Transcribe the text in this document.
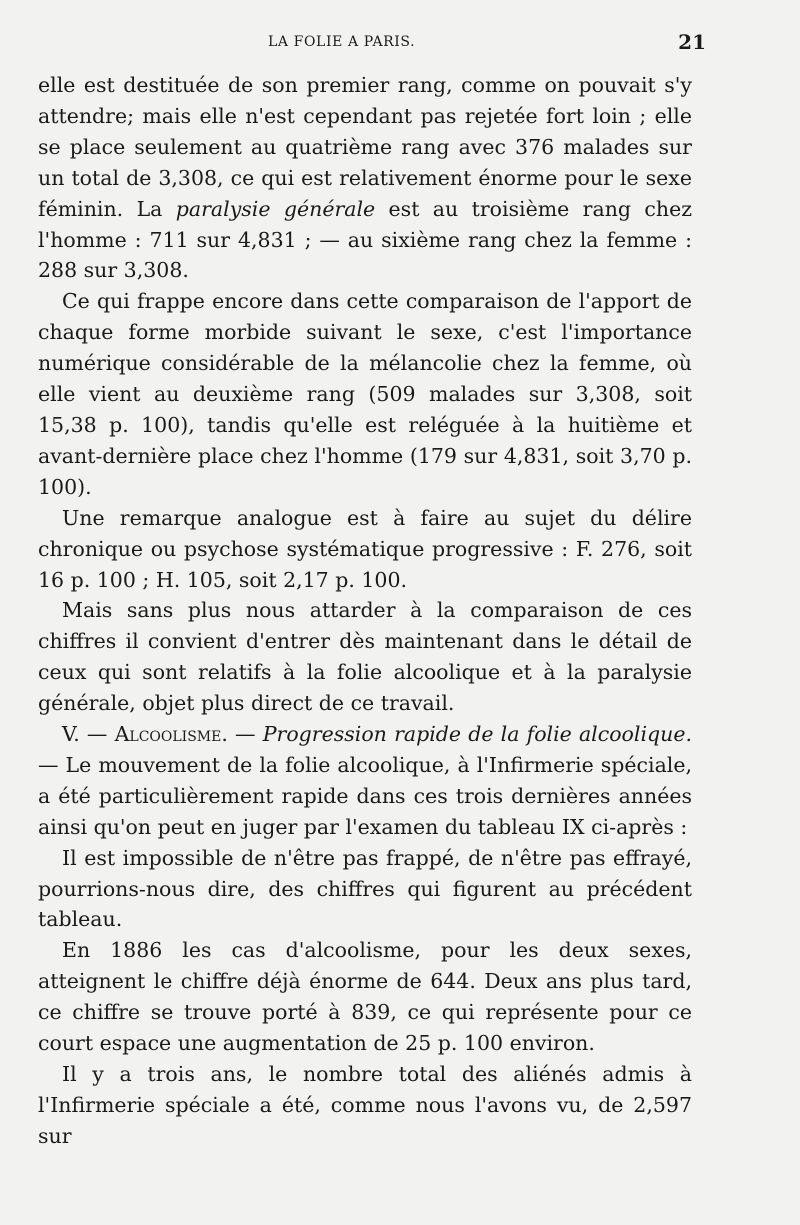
LA FOLIE A PARIS.	21

elle est destituée de son premier rang, comme on pouvait s'y attendre; mais elle n'est cependant pas rejetée fort loin ; elle se place seulement au quatrième rang avec 376 malades sur un total de 3,308, ce qui est relativement énorme pour le sexe féminin. La paralysie générale est au troisième rang chez l'homme : 711 sur 4,831 ; — au sixième rang chez la femme : 288 sur 3,308.

Ce qui frappe encore dans cette comparaison de l'apport de chaque forme morbide suivant le sexe, c'est l'importance numérique considérable de la mélancolie chez la femme, où elle vient au deuxième rang (509 malades sur 3,308, soit 15,38 p. 100), tandis qu'elle est reléguée à la huitième et avant-dernière place chez l'homme (179 sur 4,831, soit 3,70 p. 100).

Une remarque analogue est à faire au sujet du délire chronique ou psychose systématique progressive : F. 276, soit 16 p. 100 ; H. 105, soit 2,17 p. 100.

Mais sans plus nous attarder à la comparaison de ces chiffres il convient d'entrer dès maintenant dans le détail de ceux qui sont relatifs à la folie alcoolique et à la paralysie générale, objet plus direct de ce travail.

V. — Alcoolisme. — Progression rapide de la folie alcoolique. — Le mouvement de la folie alcoolique, à l'Infirmerie spéciale, a été particulièrement rapide dans ces trois dernières années ainsi qu'on peut en juger par l'examen du tableau IX ci-après :

Il est impossible de n'être pas frappé, de n'être pas effrayé, pourrions-nous dire, des chiffres qui figurent au précédent tableau.

En 1886 les cas d'alcoolisme, pour les deux sexes, atteignent le chiffre déjà énorme de 644. Deux ans plus tard, ce chiffre se trouve porté à 839, ce qui représente pour ce court espace une augmentation de 25 p. 100 environ.

Il y a trois ans, le nombre total des aliénés admis à l'Infirmerie spéciale a été, comme nous l'avons vu, de 2,597 sur
